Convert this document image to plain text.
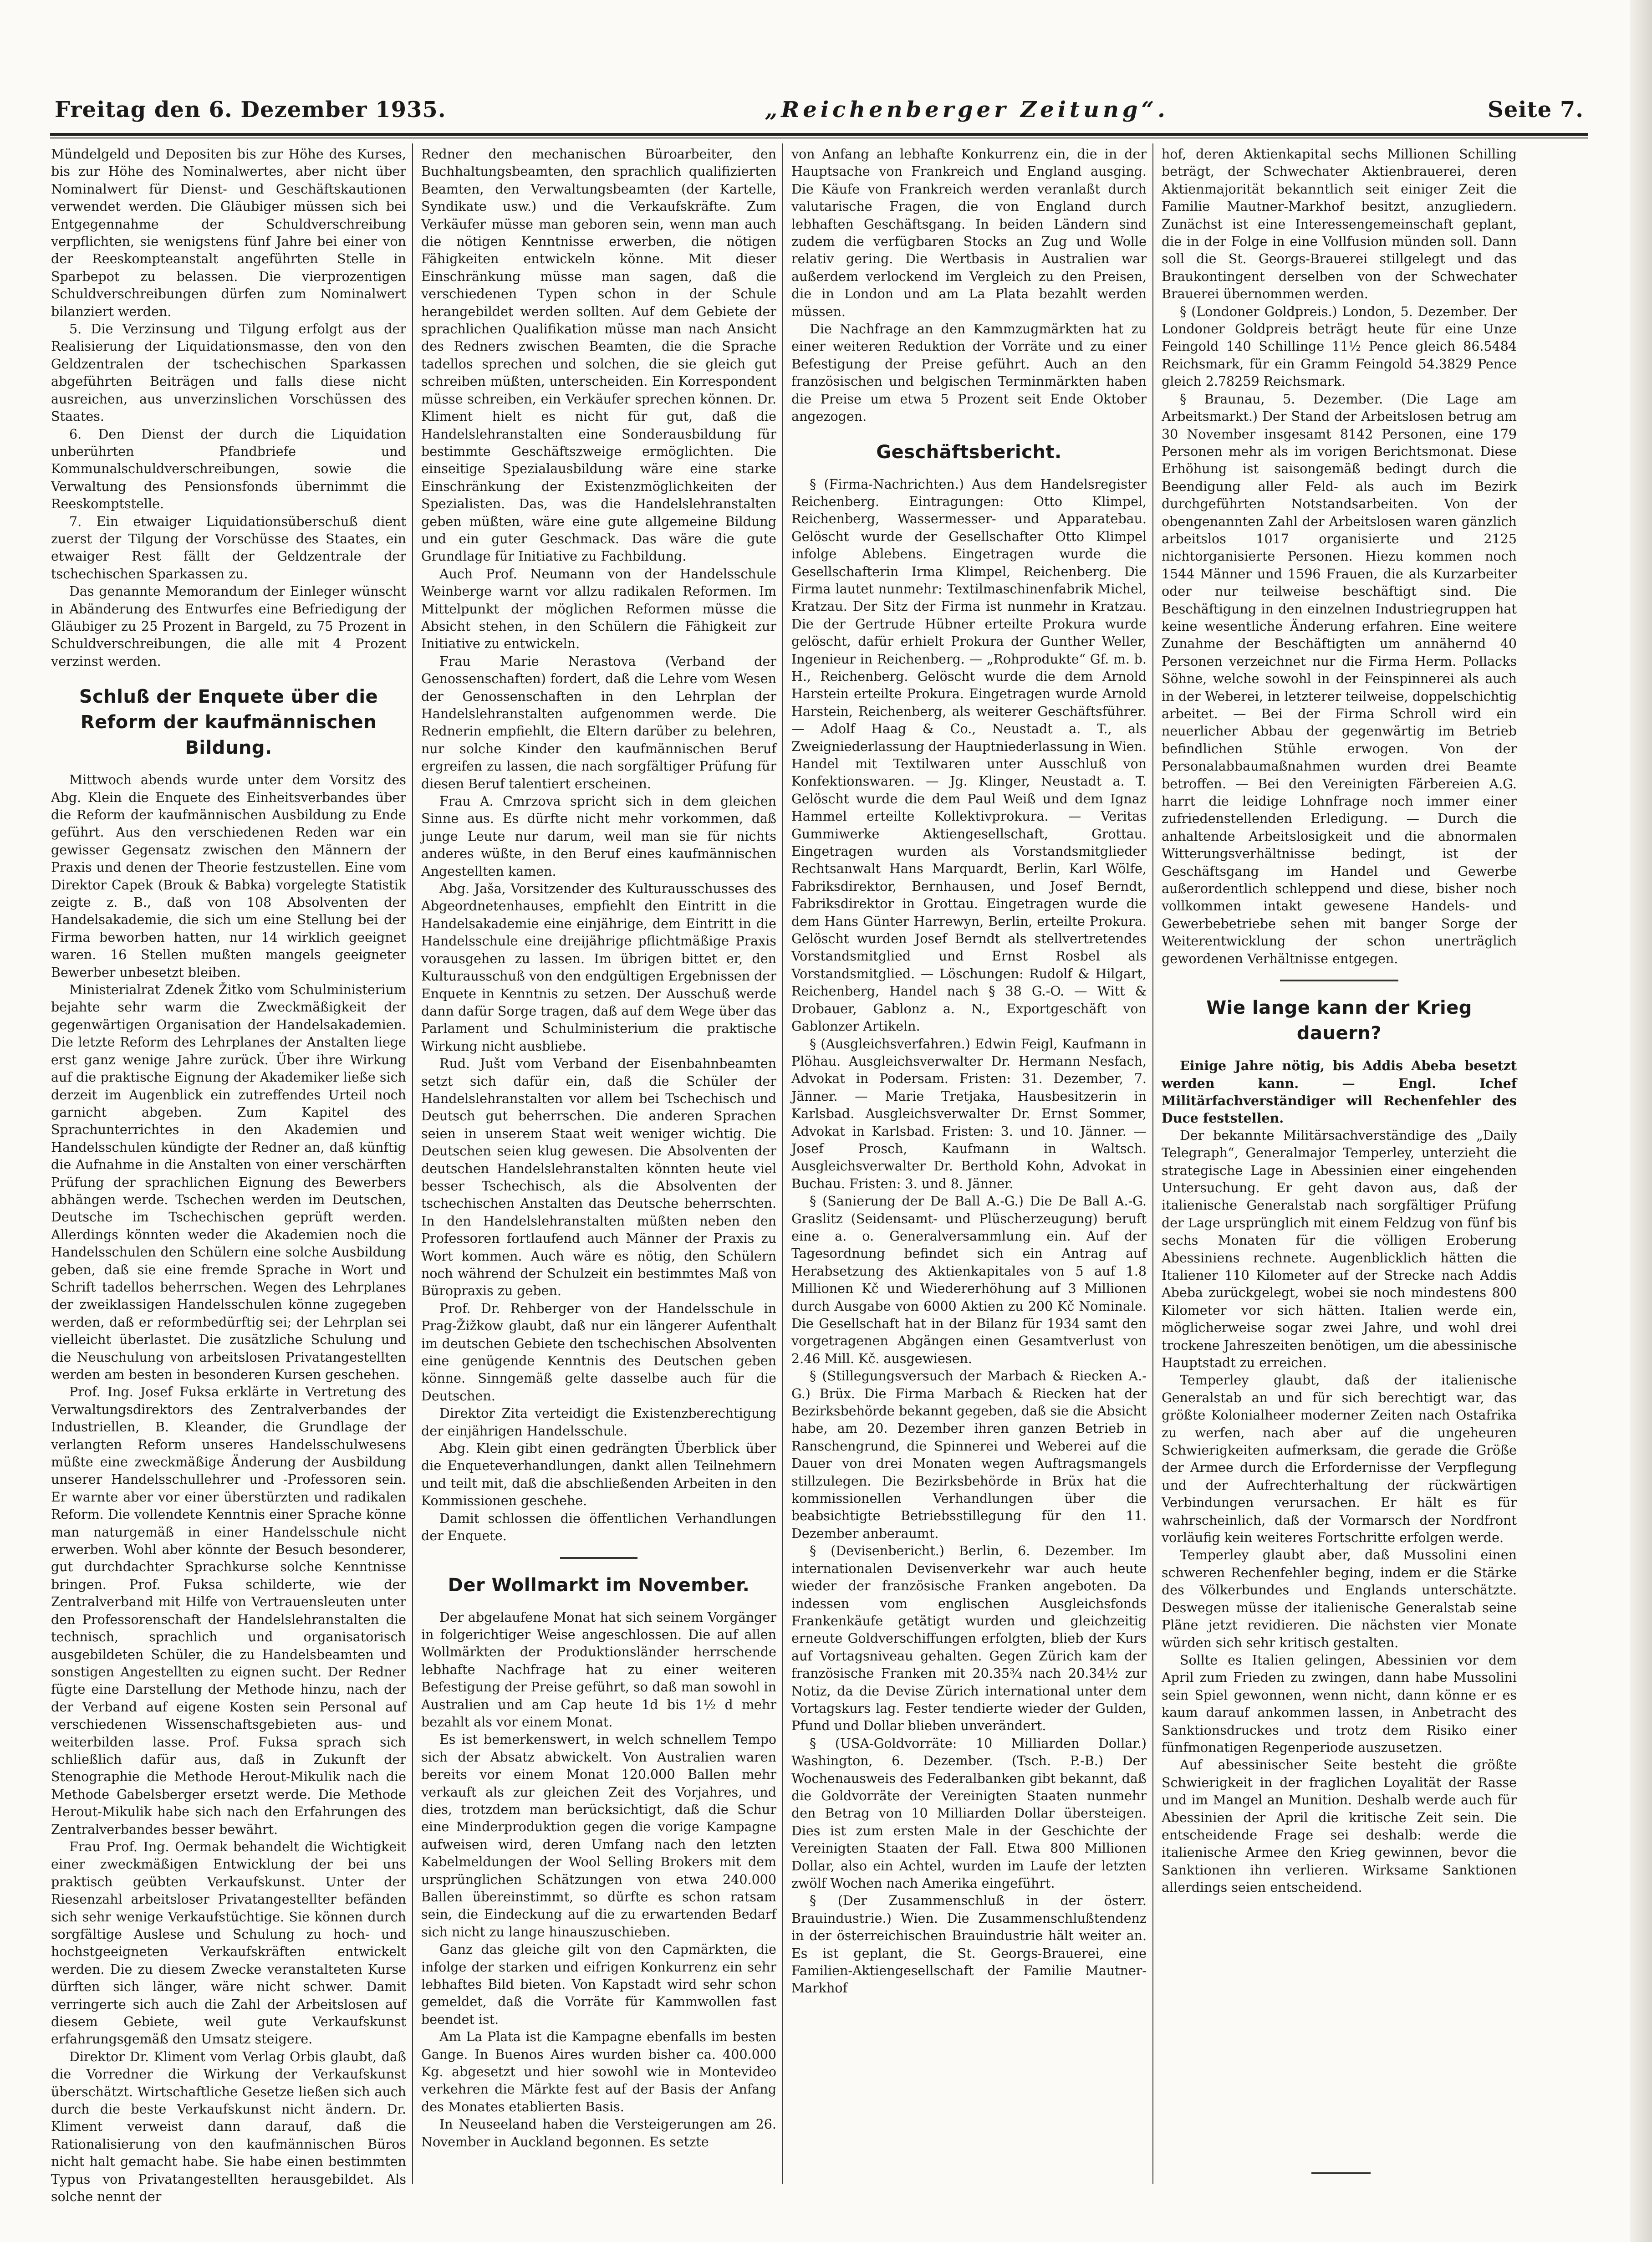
Freitag den 6. Dezember 1935.	„Reichenberger Zeitung“.	Seite 7.

Mündelgeld und Depositen bis zur Höhe des Kurses, bis zur Höhe des Nominalwertes, aber nicht über Nominalwert für Dienst- und Geschäftskautionen verwendet werden. Die Gläubiger müssen sich bei Entgegennahme der Schuldverschreibung verpflichten, sie wenigstens fünf Jahre bei einer von der Reeskompteanstalt angeführten Stelle in Sparbepot zu belassen. Die vierprozentigen Schuldverschreibungen dürfen zum Nominalwert bilanziert werden.

5. Die Verzinsung und Tilgung erfolgt aus der Realisierung der Liquidationsmasse, den von den Geldzentralen der tschechischen Sparkassen abgeführten Beiträgen und falls diese nicht ausreichen, aus unverzinslichen Vorschüssen des Staates.

6. Den Dienst der durch die Liquidation unberührten Pfandbriefe und Kommunalschuldverschreibungen, sowie die Verwaltung des Pensionsfonds übernimmt die Reeskomptstelle.

7. Ein etwaiger Liquidationsüberschuß dient zuerst der Tilgung der Vorschüsse des Staates, ein etwaiger Rest fällt der Geldzentrale der tschechischen Sparkassen zu.

Das genannte Memorandum der Einleger wünscht in Abänderung des Entwurfes eine Befriedigung der Gläubiger zu 25 Prozent in Bargeld, zu 75 Prozent in Schuldverschreibungen, die alle mit 4 Prozent verzinst werden.

Schluß der Enquete über die Reform der kaufmännischen Bildung.

Mittwoch abends wurde unter dem Vorsitz des Abg. Klein die Enquete des Einheitsverbandes über die Reform der kaufmännischen Ausbildung zu Ende geführt. Aus den verschiedenen Reden war ein gewisser Gegensatz zwischen den Männern der Praxis und denen der Theorie festzustellen. Eine vom Direktor Capek (Brouk & Babka) vorgelegte Statistik zeigte z. B., daß von 108 Absolventen der Handelsakademie, die sich um eine Stellung bei der Firma beworben hatten, nur 14 wirklich geeignet waren. 16 Stellen mußten mangels geeigneter Bewerber unbesetzt bleiben.

Ministerialrat Zdenek Žitko vom Schulministerium bejahte sehr warm die Zweckmäßigkeit der gegenwärtigen Organisation der Handelsakademien. Die letzte Reform des Lehrplanes der Anstalten liege erst ganz wenige Jahre zurück. Über ihre Wirkung auf die praktische Eignung der Akademiker ließe sich derzeit im Augenblick ein zutreffendes Urteil noch garnicht abgeben. Zum Kapitel des Sprachunterrichtes in den Akademien und Handelsschulen kündigte der Redner an, daß künftig die Aufnahme in die Anstalten von einer verschärften Prüfung der sprachlichen Eignung des Bewerbers abhängen werde. Tschechen werden im Deutschen, Deutsche im Tschechischen geprüft werden. Allerdings könnten weder die Akademien noch die Handelsschulen den Schülern eine solche Ausbildung geben, daß sie eine fremde Sprache in Wort und Schrift tadellos beherrschen. Wegen des Lehrplanes der zweiklassigen Handelsschulen könne zugegeben werden, daß er reformbedürftig sei; der Lehrplan sei vielleicht überlastet. Die zusätzliche Schulung und die Neuschulung von arbeitslosen Privatangestellten werden am besten in besonderen Kursen geschehen.

Prof. Ing. Josef Fuksa erklärte in Vertretung des Verwaltungsdirektors des Zentralverbandes der Industriellen, B. Kleander, die Grundlage der verlangten Reform unseres Handelsschulwesens müßte eine zweckmäßige Änderung der Ausbildung unserer Handelsschullehrer und -Professoren sein. Er warnte aber vor einer überstürzten und radikalen Reform. Die vollendete Kenntnis einer Sprache könne man naturgemäß in einer Handelsschule nicht erwerben. Wohl aber könnte der Besuch besonderer, gut durchdachter Sprachkurse solche Kenntnisse bringen. Prof. Fuksa schilderte, wie der Zentralverband mit Hilfe von Vertrauensleuten unter den Professorenschaft der Handelslehranstalten die technisch, sprachlich und organisatorisch ausgebildeten Schüler, die zu Handelsbeamten und sonstigen Angestellten zu eignen sucht. Der Redner fügte eine Darstellung der Methode hinzu, nach der der Verband auf eigene Kosten sein Personal auf verschiedenen Wissenschaftsgebieten aus- und weiterbilden lasse. Prof. Fuksa sprach sich schließlich dafür aus, daß in Zukunft der Stenographie die Methode Herout-Mikulik nach die Methode Gabelsberger ersetzt werde. Die Methode Herout-Mikulik habe sich nach den Erfahrungen des Zentralverbandes besser bewährt.

Frau Prof. Ing. Oermak behandelt die Wichtigkeit einer zweckmäßigen Entwicklung der bei uns praktisch geübten Verkaufskunst. Unter der Riesenzahl arbeitsloser Privatangestellter befänden sich sehr wenige Verkaufstüchtige. Sie können durch sorgfältige Auslese und Schulung zu hoch- und hochstgeeigneten Verkaufskräften entwickelt werden. Die zu diesem Zwecke veranstalteten Kurse dürften sich länger, wäre nicht schwer. Damit verringerte sich auch die Zahl der Arbeitslosen auf diesem Gebiete, weil gute Verkaufskunst erfahrungsgemäß den Umsatz steigere.

Direktor Dr. Kliment vom Verlag Orbis glaubt, daß die Vorredner die Wirkung der Verkaufskunst überschätzt. Wirtschaftliche Gesetze ließen sich auch durch die beste Verkaufskunst nicht ändern. Dr. Kliment verweist dann darauf, daß die Rationalisierung von den kaufmännischen Büros nicht halt gemacht habe. Sie habe einen bestimmten Typus von Privatangestellten herausgebildet. Als solche nennt der

Redner den mechanischen Büroarbeiter, den Buchhaltungsbeamten, den sprachlich qualifizierten Beamten, den Verwaltungsbeamten (der Kartelle, Syndikate usw.) und die Verkaufskräfte. Zum Verkäufer müsse man geboren sein, wenn man auch die nötigen Kenntnisse erwerben, die nötigen Fähigkeiten entwickeln könne. Mit dieser Einschränkung müsse man sagen, daß die verschiedenen Typen schon in der Schule herangebildet werden sollten. Auf dem Gebiete der sprachlichen Qualifikation müsse man nach Ansicht des Redners zwischen Beamten, die die Sprache tadellos sprechen und solchen, die sie gleich gut schreiben müßten, unterscheiden. Ein Korrespondent müsse schreiben, ein Verkäufer sprechen können. Dr. Kliment hielt es nicht für gut, daß die Handelslehranstalten eine Sonderausbildung für bestimmte Geschäftszweige ermöglichten. Die einseitige Spezialausbildung wäre eine starke Einschränkung der Existenzmöglichkeiten der Spezialisten. Das, was die Handelslehranstalten geben müßten, wäre eine gute allgemeine Bildung und ein guter Geschmack. Das wäre die gute Grundlage für Initiative zu Fachbildung.

Auch Prof. Neumann von der Handelsschule Weinberge warnt vor allzu radikalen Reformen. Im Mittelpunkt der möglichen Reformen müsse die Absicht stehen, in den Schülern die Fähigkeit zur Initiative zu entwickeln.

Frau Marie Nerastova (Verband der Genossenschaften) fordert, daß die Lehre vom Wesen der Genossenschaften in den Lehrplan der Handelslehranstalten aufgenommen werde. Die Rednerin empfiehlt, die Eltern darüber zu belehren, nur solche Kinder den kaufmännischen Beruf ergreifen zu lassen, die nach sorgfältiger Prüfung für diesen Beruf talentiert erscheinen.

Frau A. Cmrzova spricht sich in dem gleichen Sinne aus. Es dürfte nicht mehr vorkommen, daß junge Leute nur darum, weil man sie für nichts anderes wüßte, in den Beruf eines kaufmännischen Angestellten kamen.

Abg. Jaša, Vorsitzender des Kulturausschusses des Abgeordnetenhauses, empfiehlt den Eintritt in die Handelsakademie eine einjährige, dem Eintritt in die Handelsschule eine dreijährige pflichtmäßige Praxis vorausgehen zu lassen. Im übrigen bittet er, den Kulturausschuß von den endgültigen Ergebnissen der Enquete in Kenntnis zu setzen. Der Ausschuß werde dann dafür Sorge tragen, daß auf dem Wege über das Parlament und Schulministerium die praktische Wirkung nicht ausbliebe.

Rud. Jušt vom Verband der Eisenbahnbeamten setzt sich dafür ein, daß die Schüler der Handelslehranstalten vor allem bei Tschechisch und Deutsch gut beherrschen. Die anderen Sprachen seien in unserem Staat weit weniger wichtig. Die Deutschen seien klug gewesen. Die Absolventen der deutschen Handelslehranstalten könnten heute viel besser Tschechisch, als die Absolventen der tschechischen Anstalten das Deutsche beherrschten. In den Handelslehranstalten müßten neben den Professoren fortlaufend auch Männer der Praxis zu Wort kommen. Auch wäre es nötig, den Schülern noch während der Schulzeit ein bestimmtes Maß von Büropraxis zu geben.

Prof. Dr. Rehberger von der Handelsschule in Prag-Žižkow glaubt, daß nur ein längerer Aufenthalt im deutschen Gebiete den tschechischen Absolventen eine genügende Kenntnis des Deutschen geben könne. Sinngemäß gelte dasselbe auch für die Deutschen.

Direktor Zita verteidigt die Existenzberechtigung der einjährigen Handelsschule.

Abg. Klein gibt einen gedrängten Überblick über die Enqueteverhandlungen, dankt allen Teilnehmern und teilt mit, daß die abschließenden Arbeiten in den Kommissionen geschehe.

Damit schlossen die öffentlichen Verhandlungen der Enquete.

Der Wollmarkt im November.

Der abgelaufene Monat hat sich seinem Vorgänger in folgerichtiger Weise angeschlossen. Die auf allen Wollmärkten der Produktionsländer herrschende lebhafte Nachfrage hat zu einer weiteren Befestigung der Preise geführt, so daß man sowohl in Australien und am Cap heute 1d bis 1½ d mehr bezahlt als vor einem Monat.

Es ist bemerkenswert, in welch schnellem Tempo sich der Absatz abwickelt. Von Australien waren bereits vor einem Monat 120.000 Ballen mehr verkauft als zur gleichen Zeit des Vorjahres, und dies, trotzdem man berücksichtigt, daß die Schur eine Minderproduktion gegen die vorige Kampagne aufweisen wird, deren Umfang nach den letzten Kabelmeldungen der Wool Selling Brokers mit dem ursprünglichen Schätzungen von etwa 240.000 Ballen übereinstimmt, so dürfte es schon ratsam sein, die Eindeckung auf die zu erwartenden Bedarf sich nicht zu lange hinauszuschieben.

Ganz das gleiche gilt von den Capmärkten, die infolge der starken und eifrigen Konkurrenz ein sehr lebhaftes Bild bieten. Von Kapstadt wird sehr schon gemeldet, daß die Vorräte für Kammwollen fast beendet ist.

Am La Plata ist die Kampagne ebenfalls im besten Gange. In Buenos Aires wurden bisher ca. 400.000 Kg. abgesetzt und hier sowohl wie in Montevideo verkehren die Märkte fest auf der Basis der Anfang des Monates etablierten Basis.

In Neuseeland haben die Versteigerungen am 26. November in Auckland begonnen. Es setzte

von Anfang an lebhafte Konkurrenz ein, die in der Hauptsache von Frankreich und England ausging. Die Käufe von Frankreich werden veranlaßt durch valutarische Fragen, die von England durch lebhaften Geschäftsgang. In beiden Ländern sind zudem die verfügbaren Stocks an Zug und Wolle relativ gering. Die Wertbasis in Australien war außerdem verlockend im Vergleich zu den Preisen, die in London und am La Plata bezahlt werden müssen.

Die Nachfrage an den Kammzugmärkten hat zu einer weiteren Reduktion der Vorräte und zu einer Befestigung der Preise geführt. Auch an den französischen und belgischen Terminmärkten haben die Preise um etwa 5 Prozent seit Ende Oktober angezogen.

Geschäftsbericht.

§ (Firma-Nachrichten.) Aus dem Handelsregister Reichenberg. Eintragungen: Otto Klimpel, Reichenberg, Wassermesser- und Apparatebau. Gelöscht wurde der Gesellschafter Otto Klimpel infolge Ablebens. Eingetragen wurde die Gesellschafterin Irma Klimpel, Reichenberg. Die Firma lautet nunmehr: Textilmaschinenfabrik Michel, Kratzau. Der Sitz der Firma ist nunmehr in Kratzau. Die der Gertrude Hübner erteilte Prokura wurde gelöscht, dafür erhielt Prokura der Gunther Weller, Ingenieur in Reichenberg. — „Rohprodukte“ Gf. m. b. H., Reichenberg. Gelöscht wurde die dem Arnold Harstein erteilte Prokura. Eingetragen wurde Arnold Harstein, Reichenberg, als weiterer Geschäftsführer. — Adolf Haag & Co., Neustadt a. T., als Zweigniederlassung der Hauptniederlassung in Wien. Handel mit Textilwaren unter Ausschluß von Konfektionswaren. — Jg. Klinger, Neustadt a. T. Gelöscht wurde die dem Paul Weiß und dem Ignaz Hammel erteilte Kollektivprokura. — Veritas Gummiwerke Aktiengesellschaft, Grottau. Eingetragen wurden als Vorstandsmitglieder Rechtsanwalt Hans Marquardt, Berlin, Karl Wölfe, Fabriksdirektor, Bernhausen, und Josef Berndt, Fabriksdirektor in Grottau. Eingetragen wurde die dem Hans Günter Harrewyn, Berlin, erteilte Prokura. Gelöscht wurden Josef Berndt als stellvertretendes Vorstandsmitglied und Ernst Rosbel als Vorstandsmitglied. — Löschungen: Rudolf & Hilgart, Reichenberg, Handel nach § 38 G.-O. — Witt & Drobauer, Gablonz a. N., Exportgeschäft von Gablonzer Artikeln.

§ (Ausgleichsverfahren.) Edwin Feigl, Kaufmann in Plöhau. Ausgleichsverwalter Dr. Hermann Nesfach, Advokat in Podersam. Fristen: 31. Dezember, 7. Jänner. — Marie Tretjaka, Hausbesitzerin in Karlsbad. Ausgleichsverwalter Dr. Ernst Sommer, Advokat in Karlsbad. Fristen: 3. und 10. Jänner. — Josef Prosch, Kaufmann in Waltsch. Ausgleichsverwalter Dr. Berthold Kohn, Advokat in Buchau. Fristen: 3. und 8. Jänner.

§ (Sanierung der De Ball A.-G.) Die De Ball A.-G. Graslitz (Seidensamt- und Plüscherzeugung) beruft eine a. o. Generalversammlung ein. Auf der Tagesordnung befindet sich ein Antrag auf Herabsetzung des Aktienkapitales von 5 auf 1.8 Millionen Kč und Wiedererhöhung auf 3 Millionen durch Ausgabe von 6000 Aktien zu 200 Kč Nominale. Die Gesellschaft hat in der Bilanz für 1934 samt den vorgetragenen Abgängen einen Gesamtverlust von 2.46 Mill. Kč. ausgewiesen.

§ (Stillegungsversuch der Marbach & Riecken A.-G.) Brüx. Die Firma Marbach & Riecken hat der Bezirksbehörde bekannt gegeben, daß sie die Absicht habe, am 20. Dezember ihren ganzen Betrieb in Ranschengrund, die Spinnerei und Weberei auf die Dauer von drei Monaten wegen Auftragsmangels stillzulegen. Die Bezirksbehörde in Brüx hat die kommissionellen Verhandlungen über die beabsichtigte Betriebsstillegung für den 11. Dezember anberaumt.

§ (Devisenbericht.) Berlin, 6. Dezember. Im internationalen Devisenverkehr war auch heute wieder der französische Franken angeboten. Da indessen vom englischen Ausgleichsfonds Frankenkäufe getätigt wurden und gleichzeitig erneute Goldverschiffungen erfolgten, blieb der Kurs auf Vortagsniveau gehalten. Gegen Zürich kam der französische Franken mit 20.35¾ nach 20.34½ zur Notiz, da die Devise Zürich international unter dem Vortagskurs lag. Fester tendierte wieder der Gulden, Pfund und Dollar blieben unverändert.

§ (USA-Goldvorräte: 10 Milliarden Dollar.) Washington, 6. Dezember. (Tsch. P.-B.) Der Wochenausweis des Federalbanken gibt bekannt, daß die Goldvorräte der Vereinigten Staaten nunmehr den Betrag von 10 Milliarden Dollar übersteigen. Dies ist zum ersten Male in der Geschichte der Vereinigten Staaten der Fall. Etwa 800 Millionen Dollar, also ein Achtel, wurden im Laufe der letzten zwölf Wochen nach Amerika eingeführt.

§ (Der Zusammenschluß in der österr. Brauindustrie.) Wien. Die Zusammenschlußtendenz in der österreichischen Brauindustrie hält weiter an. Es ist geplant, die St. Georgs-Brauerei, eine Familien-Aktiengesellschaft der Familie Mautner-Markhof

hof, deren Aktienkapital sechs Millionen Schilling beträgt, der Schwechater Aktienbrauerei, deren Aktienmajorität bekanntlich seit einiger Zeit die Familie Mautner-Markhof besitzt, anzugliedern. Zunächst ist eine Interessengemeinschaft geplant, die in der Folge in eine Vollfusion münden soll. Dann soll die St. Georgs-Brauerei stillgelegt und das Braukontingent derselben von der Schwechater Brauerei übernommen werden.

§ (Londoner Goldpreis.) London, 5. Dezember. Der Londoner Goldpreis beträgt heute für eine Unze Feingold 140 Schillinge 11½ Pence gleich 86.5484 Reichsmark, für ein Gramm Feingold 54.3829 Pence gleich 2.78259 Reichsmark.

§ Braunau, 5. Dezember. (Die Lage am Arbeitsmarkt.) Der Stand der Arbeitslosen betrug am 30 November insgesamt 8142 Personen, eine 179 Personen mehr als im vorigen Berichtsmonat. Diese Erhöhung ist saisongemäß bedingt durch die Beendigung aller Feld- als auch im Bezirk durchgeführten Notstandsarbeiten. Von der obengenannten Zahl der Arbeitslosen waren gänzlich arbeitslos 1017 organisierte und 2125 nichtorganisierte Personen. Hiezu kommen noch 1544 Männer und 1596 Frauen, die als Kurzarbeiter oder nur teilweise beschäftigt sind. Die Beschäftigung in den einzelnen Industriegruppen hat keine wesentliche Änderung erfahren. Eine weitere Zunahme der Beschäftigten um annähernd 40 Personen verzeichnet nur die Firma Herm. Pollacks Söhne, welche sowohl in der Feinspinnerei als auch in der Weberei, in letzterer teilweise, doppelschichtig arbeitet. — Bei der Firma Schroll wird ein neuerlicher Abbau der gegenwärtig im Betrieb befindlichen Stühle erwogen. Von der Personalabbaumaßnahmen wurden drei Beamte betroffen. — Bei den Vereinigten Färbereien A.G. harrt die leidige Lohnfrage noch immer einer zufriedenstellenden Erledigung. — Durch die anhaltende Arbeitslosigkeit und die abnormalen Witterungsverhältnisse bedingt, ist der Geschäftsgang im Handel und Gewerbe außerordentlich schleppend und diese, bisher noch vollkommen intakt gewesene Handels- und Gewerbebetriebe sehen mit banger Sorge der Weiterentwicklung der schon unerträglich gewordenen Verhältnisse entgegen.

Wie lange kann der Krieg dauern?

Einige Jahre nötig, bis Addis Abeba besetzt werden kann. — Engl. Ichef Militärfachverständiger will Rechenfehler des Duce feststellen.

Der bekannte Militärsachverständige des „Daily Telegraph“, Generalmajor Temperley, unterzieht die strategische Lage in Abessinien einer eingehenden Untersuchung. Er geht davon aus, daß der italienische Generalstab nach sorgfältiger Prüfung der Lage ursprünglich mit einem Feldzug von fünf bis sechs Monaten für die völligen Eroberung Abessiniens rechnete. Augenblicklich hätten die Italiener 110 Kilometer auf der Strecke nach Addis Abeba zurückgelegt, wobei sie noch mindestens 800 Kilometer vor sich hätten. Italien werde ein, möglicherweise sogar zwei Jahre, und wohl drei trockene Jahreszeiten benötigen, um die abessinische Hauptstadt zu erreichen.

Temperley glaubt, daß der italienische Generalstab an und für sich berechtigt war, das größte Kolonialheer moderner Zeiten nach Ostafrika zu werfen, nach aber auf die ungeheuren Schwierigkeiten aufmerksam, die gerade die Größe der Armee durch die Erfordernisse der Verpflegung und der Aufrechterhaltung der rückwärtigen Verbindungen verursachen. Er hält es für wahrscheinlich, daß der Vormarsch der Nordfront vorläufig kein weiteres Fortschritte erfolgen werde.

Temperley glaubt aber, daß Mussolini einen schweren Rechenfehler beging, indem er die Stärke des Völkerbundes und Englands unterschätzte. Deswegen müsse der italienische Generalstab seine Pläne jetzt revidieren. Die nächsten vier Monate würden sich sehr kritisch gestalten.

Sollte es Italien gelingen, Abessinien vor dem April zum Frieden zu zwingen, dann habe Mussolini sein Spiel gewonnen, wenn nicht, dann könne er es kaum darauf ankommen lassen, in Anbetracht des Sanktionsdruckes und trotz dem Risiko einer fünfmonatigen Regenperiode auszusetzen.

Auf abessinischer Seite besteht die größte Schwierigkeit in der fraglichen Loyalität der Rasse und im Mangel an Munition. Deshalb werde auch für Abessinien der April die kritische Zeit sein. Die entscheidende Frage sei deshalb: werde die italienische Armee den Krieg gewinnen, bevor die Sanktionen ihn verlieren. Wirksame Sanktionen allerdings seien entscheidend.
